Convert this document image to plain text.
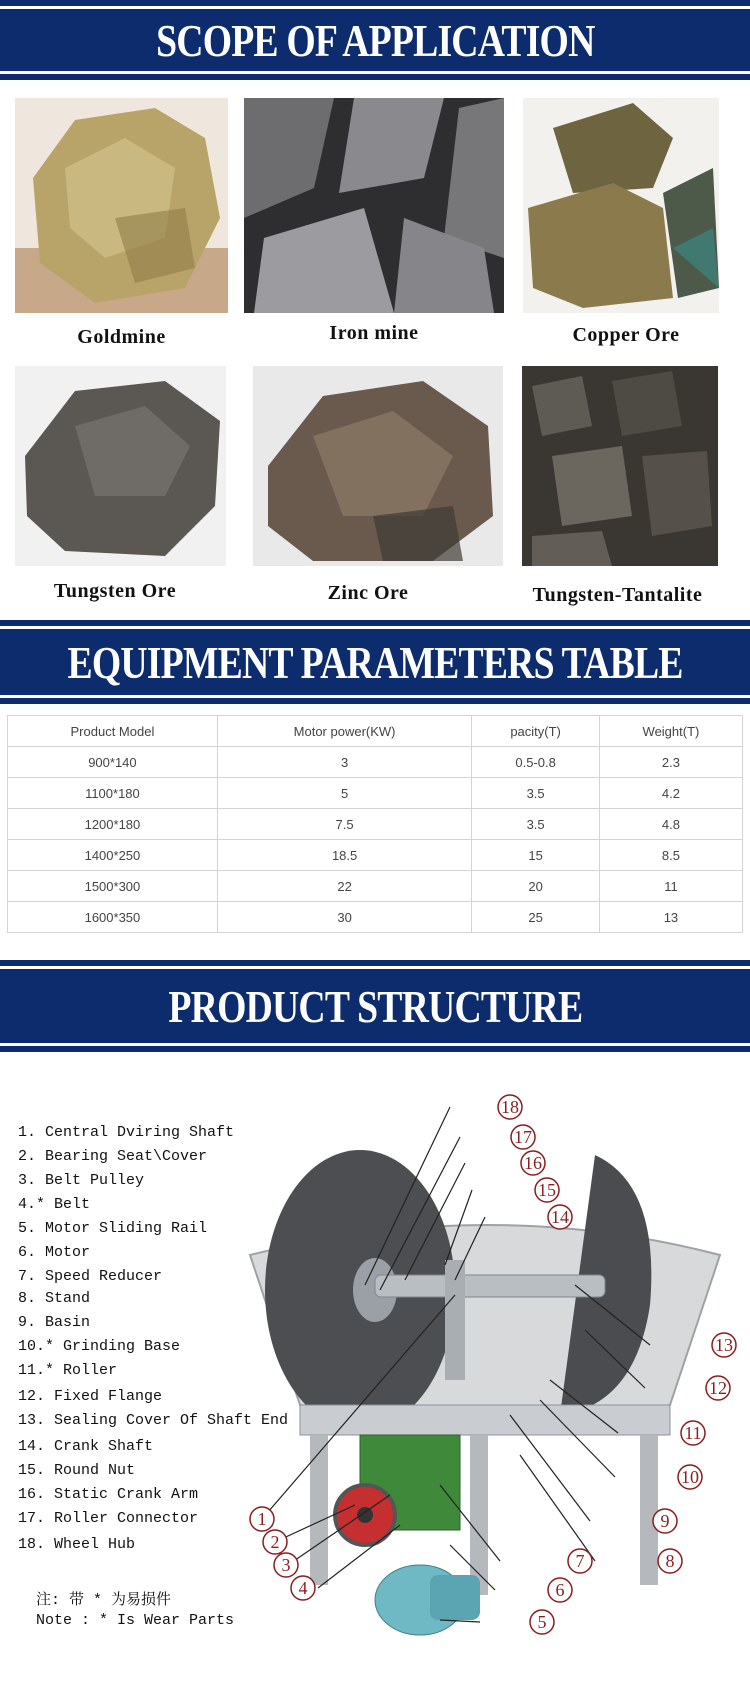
SCOPE OF APPLICATION
Goldmine	Iron mine	Copper Ore
Tungsten Ore	Zinc Ore	Tungsten-Tantalite
EQUIPMENT PARAMETERS TABLE
Product Model	Motor power(KW)	pacity(T)	Weight(T)
900*140	3	0.5-0.8	2.3
1100*180	5	3.5	4.2
1200*180	7.5	3.5	4.8
1400*250	18.5	15	8.5
1500*300	22	20	11
1600*350	30	25	13
PRODUCT STRUCTURE
1. Central Dviring Shaft
2. Bearing Seat\Cover
3. Belt Pulley
4.* Belt
5. Motor Sliding Rail
6. Motor
7. Speed Reducer
8. Stand
9. Basin
10.* Grinding Base
11.* Roller
12. Fixed Flange
13. Sealing Cover Of Shaft End
14. Crank Shaft
15. Round Nut
16. Static Crank Arm
17. Roller Connector
18. Wheel Hub
注: 带 * 为易损件
Note : * Is Wear Parts
18
17
16
15
14
13
12
11
10
9
8
7
6
5
4
3
2
1
